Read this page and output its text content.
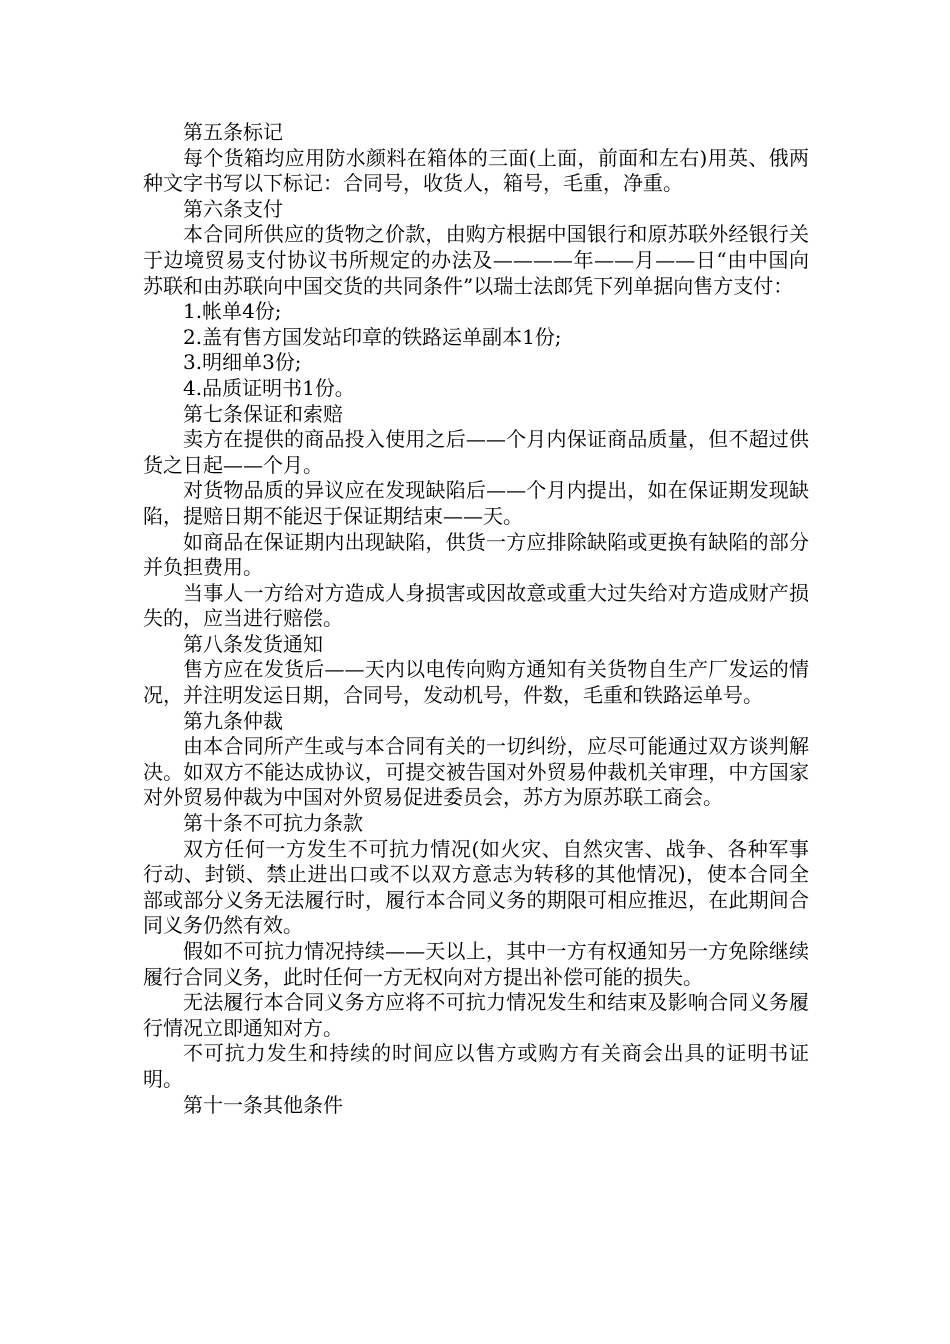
第五条标记

每个货箱均应用防水颜料在箱体的三面(上面，前面和左右)用英、俄两种文字书写以下标记：合同号，收货人，箱号，毛重，净重。

第六条支付

本合同所供应的货物之价款，由购方根据中国银行和原苏联外经银行关于边境贸易支付协议书所规定的办法及————年——月——日“由中国向苏联和由苏联向中国交货的共同条件”以瑞士法郎凭下列单据向售方支付：

1.帐单4份;

2.盖有售方国发站印章的铁路运单副本1份;

3.明细单3份;

4.品质证明书1份。

第七条保证和索赔

卖方在提供的商品投入使用之后——个月内保证商品质量，但不超过供货之日起——个月。

对货物品质的异议应在发现缺陷后——个月内提出，如在保证期发现缺陷，提赔日期不能迟于保证期结束——天。

如商品在保证期内出现缺陷，供货一方应排除缺陷或更换有缺陷的部分并负担费用。

当事人一方给对方造成人身损害或因故意或重大过失给对方造成财产损失的，应当进行赔偿。

第八条发货通知

售方应在发货后——天内以电传向购方通知有关货物自生产厂发运的情况，并注明发运日期，合同号，发动机号，件数，毛重和铁路运单号。

第九条仲裁

由本合同所产生或与本合同有关的一切纠纷，应尽可能通过双方谈判解决。如双方不能达成协议，可提交被告国对外贸易仲裁机关审理，中方国家对外贸易仲裁为中国对外贸易促进委员会，苏方为原苏联工商会。

第十条不可抗力条款

双方任何一方发生不可抗力情况(如火灾、自然灾害、战争、各种军事行动、封锁、禁止进出口或不以双方意志为转移的其他情况)，使本合同全部或部分义务无法履行时，履行本合同义务的期限可相应推迟，在此期间合同义务仍然有效。

假如不可抗力情况持续——天以上，其中一方有权通知另一方免除继续履行合同义务，此时任何一方无权向对方提出补偿可能的损失。

无法履行本合同义务方应将不可抗力情况发生和结束及影响合同义务履行情况立即通知对方。

不可抗力发生和持续的时间应以售方或购方有关商会出具的证明书证明。

第十一条其他条件
